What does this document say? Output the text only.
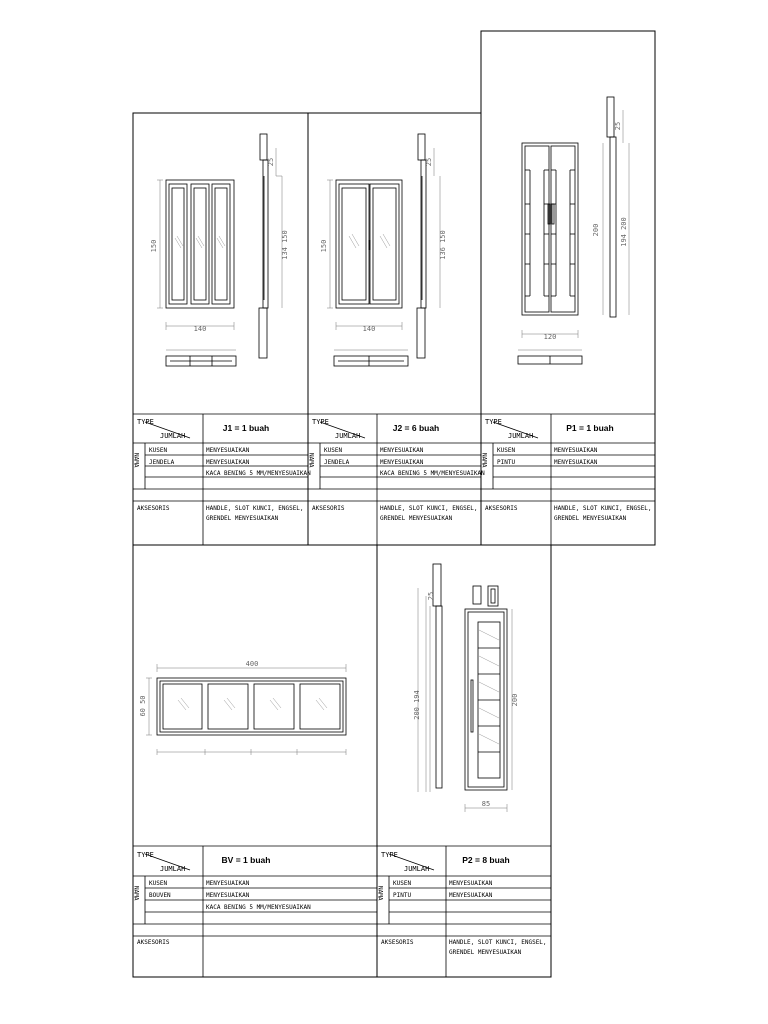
150
140
25
134 150
TYPE
JUMLAH
J1 = 1 buah
NAMA
KUSEN	MENYESUAIKAN
JENDELA	MENYESUAIKAN
KACA BENING 5 MM/MENYESUAIKAN
AKSESORIS	HANDLE, SLOT KUNCI, ENGSEL,
GRENDEL MENYESUAIKAN
150
140
25
136 150
TYPE
JUMLAH
J2 = 6 buah
NAMA
KUSEN	MENYESUAIKAN
JENDELA	MENYESUAIKAN
KACA BENING 5 MM/MENYESUAIKAN
AKSESORIS	HANDLE, SLOT KUNCI, ENGSEL,
GRENDEL MENYESUAIKAN
200
120
25
194 200
TYPE
JUMLAH
P1 = 1 buah
NAMA
KUSEN	MENYESUAIKAN
PINTU	MENYESUAIKAN
AKSESORIS	HANDLE, SLOT KUNCI, ENGSEL,
GRENDEL MENYESUAIKAN
400
60 50
TYPE
JUMLAH
BV = 1 buah
NAMA
KUSEN	MENYESUAIKAN
BOUVEN	MENYESUAIKAN
KACA BENING 5 MM/MENYESUAIKAN
AKSESORIS
25
200 194	200
85
TYPE
JUMLAH
P2 = 8 buah
NAMA
KUSEN	MENYESUAIKAN
PINTU	MENYESUAIKAN
AKSESORIS	HANDLE, SLOT KUNCI, ENGSEL,
GRENDEL MENYESUAIKAN
